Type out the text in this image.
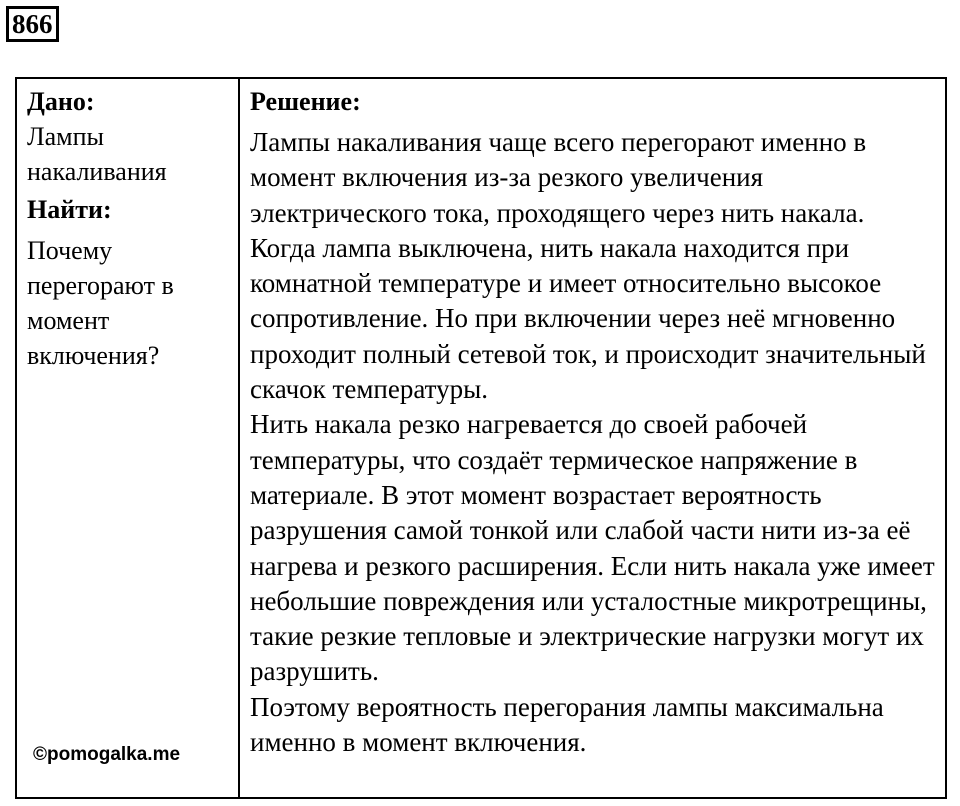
866

Дано:

Лампы накаливания

Найти:

Почему перегорают в момент включения?

©pomogalka.me

Решение:

Лампы накаливания чаще всего перегорают именно в момент включения из-за резкого увеличения электрического тока, проходящего через нить накала. Когда лампа выключена, нить накала находится при комнатной температуре и имеет относительно высокое сопротивление. Но при включении через неё мгновенно проходит полный сетевой ток, и происходит значительный скачок температуры.

Нить накала резко нагревается до своей рабочей температуры, что создаёт термическое напряжение в материале. В этот момент возрастает вероятность разрушения самой тонкой или слабой части нити из-за её нагрева и резкого расширения. Если нить накала уже имеет небольшие повреждения или усталостные микротрещины, такие резкие тепловые и электрические нагрузки могут их разрушить.

Поэтому вероятность перегорания лампы максимальна именно в момент включения.
